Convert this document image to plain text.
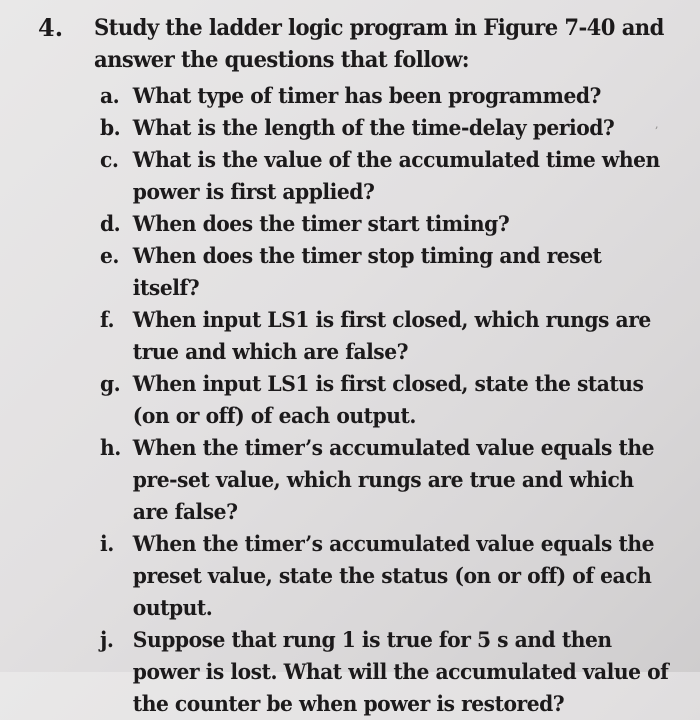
4. Study the ladder logic program in Figure 7-40 and answer the questions that follow:
a. What type of timer has been programmed?
b. What is the length of the time-delay period?
c. What is the value of the accumulated time when power is first applied?
d. When does the timer start timing?
e. When does the timer stop timing and reset itself?
f. When input LS1 is first closed, which rungs are true and which are false?
g. When input LS1 is first closed, state the status (on or off) of each output.
h. When the timer’s accumulated value equals the pre-set value, which rungs are true and which are false?
i. When the timer’s accumulated value equals the preset value, state the status (on or off) of each output.
j. Suppose that rung 1 is true for 5 s and then power is lost. What will the accumulated value of the counter be when power is restored?
,
